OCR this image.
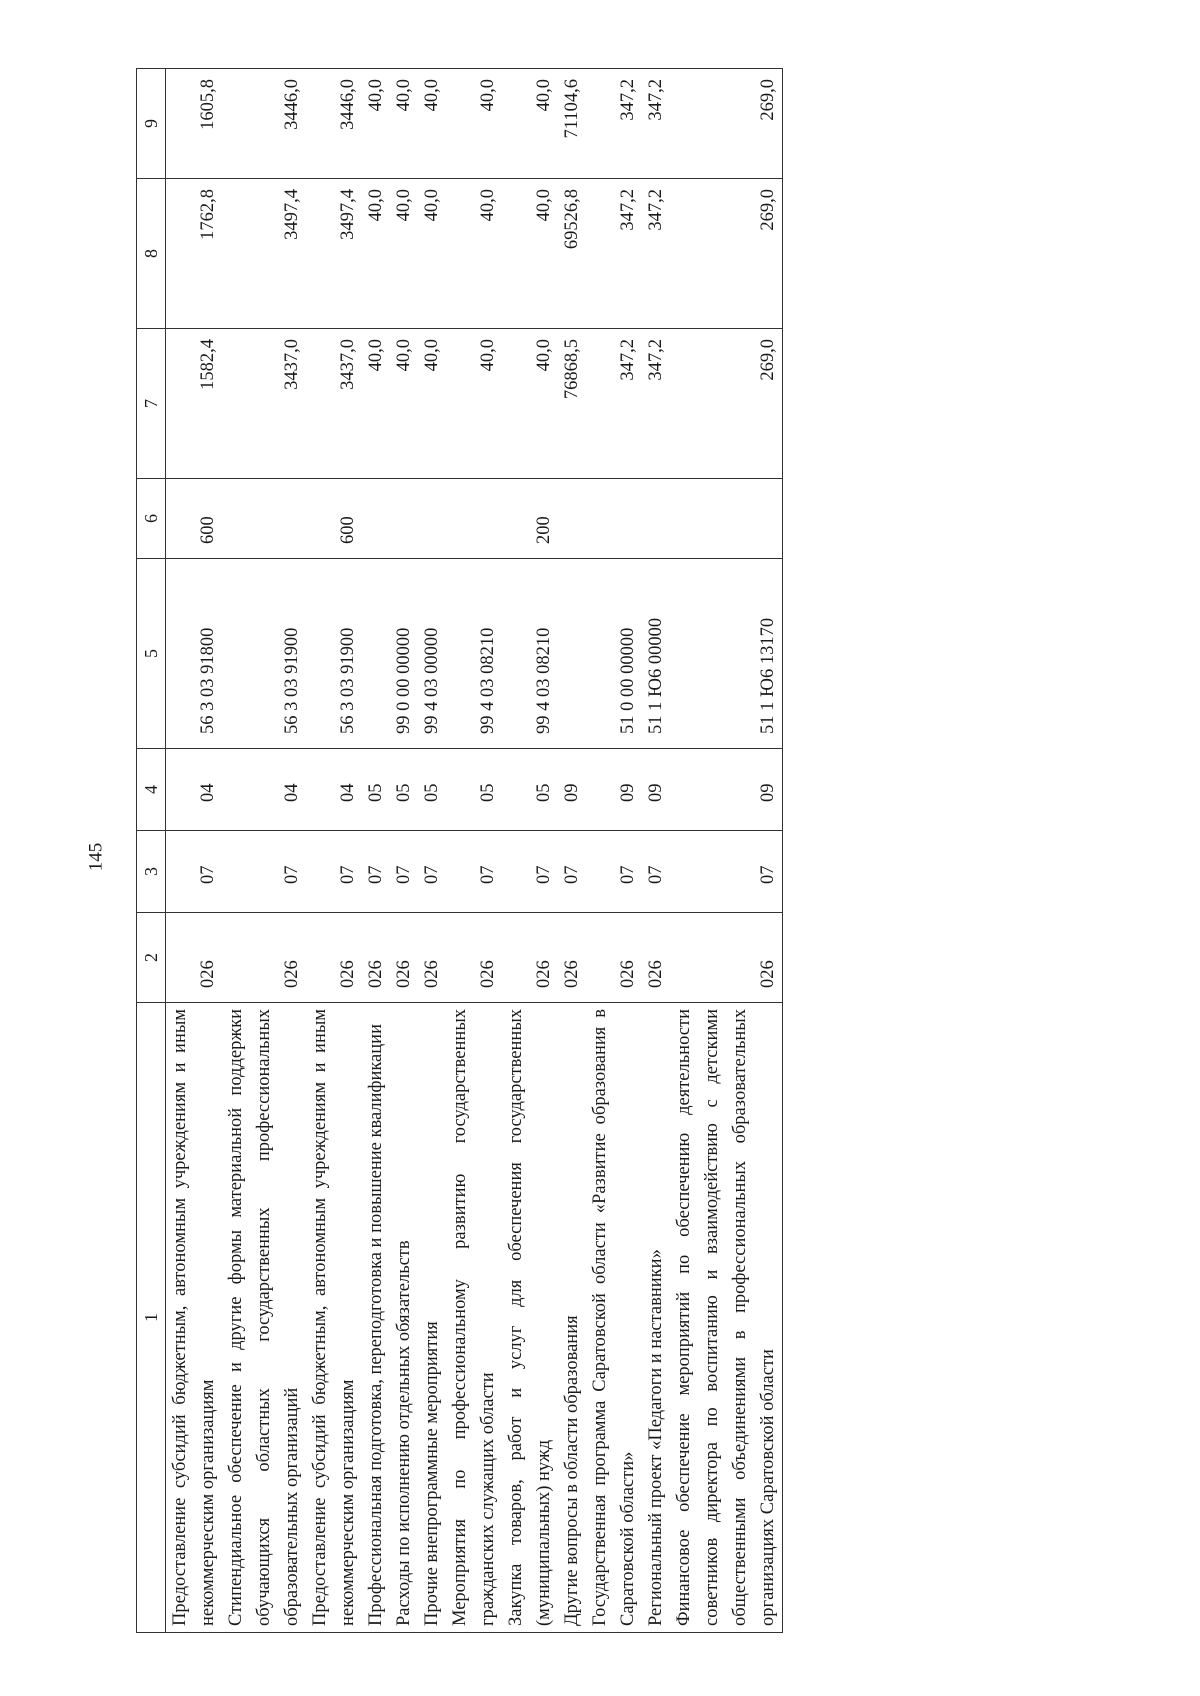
145
1	2	3	4	5	6	7	8	9
Предоставление субсидий бюджетным, автономным учреждениям и иным некоммерческим организациям	026	07	04	56 3 03 91800	600	1582,4	1762,8	1605,8
Стипендиальное обеспечение и другие формы материальной поддержки обучающихся областных государственных профессиональных образовательных организаций	026	07	04	56 3 03 91900		3437,0	3497,4	3446,0
Предоставление субсидий бюджетным, автономным учреждениям и иным некоммерческим организациям	026	07	04	56 3 03 91900	600	3437,0	3497,4	3446,0
Профессиональная подготовка, переподготовка и повышение квалификации	026	07	05			40,0	40,0	40,0
Расходы по исполнению отдельных обязательств	026	07	05	99 0 00 00000		40,0	40,0	40,0
Прочие внепрограммные мероприятия	026	07	05	99 4 03 00000		40,0	40,0	40,0
Мероприятия по профессиональному развитию государственных гражданских служащих области	026	07	05	99 4 03 08210		40,0	40,0	40,0
Закупка товаров, работ и услуг для обеспечения государственных (муниципальных) нужд	026	07	05	99 4 03 08210	200	40,0	40,0	40,0
Другие вопросы в области образования	026	07	09			76868,5	69526,8	71104,6
Государственная программа Саратовской области «Развитие образования в Саратовской области»	026	07	09	51 0 00 00000		347,2	347,2	347,2
Региональный проект «Педагоги и наставники»	026	07	09	51 1 Ю6 00000		347,2	347,2	347,2
Финансовое обеспечение мероприятий по обеспечению деятельности советников директора по воспитанию и взаимодействию с детскими общественными объединениями в профессиональных образовательных организациях Саратовской области	026	07	09	51 1 Ю6 13170		269,0	269,0	269,0
